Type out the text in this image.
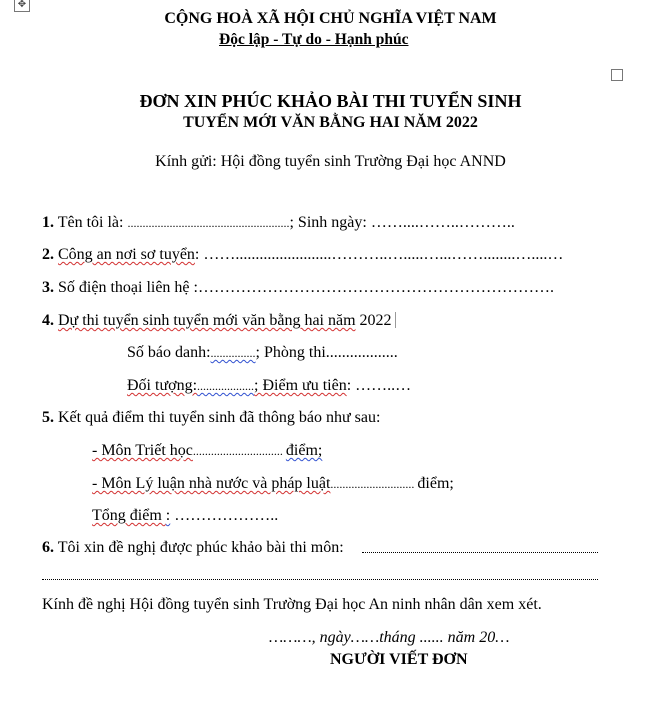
✥
CỘNG HOÀ XÃ HỘI CHỦ NGHĨA VIỆT NAM
Độc lập - Tự do - Hạnh phúc
ĐƠN XIN PHÚC KHẢO BÀI THI TUYỂN SINH
TUYỂN MỚI VĂN BẰNG HAI NĂM 2022
Kính gửi: Hội đồng tuyển sinh Trường Đại học ANND
1. Tên tôi là: ......................................................; Sinh ngày: ……....……..………..
2. Công an nơi sơ tuyển: ……........................………..….....…...……........…....…
3. Số điện thoại liên hệ :………………………………………………………….
4. Dự thi tuyển sinh tuyển mới văn bằng hai năm 2022
Số báo danh:...............; Phòng thi..................
Đối tượng:...................; Điểm ưu tiên: ……..…
5. Kết quả điểm thi tuyển sinh đã thông báo như sau:
- Môn Triết học.............................. điểm;
- Môn Lý luận nhà nước và pháp luật............................ điểm;
Tổng điểm : ………………..
6. Tôi xin đề nghị được phúc khảo bài thi môn:
Kính đề nghị Hội đồng tuyển sinh Trường Đại học An ninh nhân dân xem xét.
………, ngày……tháng ...... năm 20…
NGƯỜI VIẾT ĐƠN
